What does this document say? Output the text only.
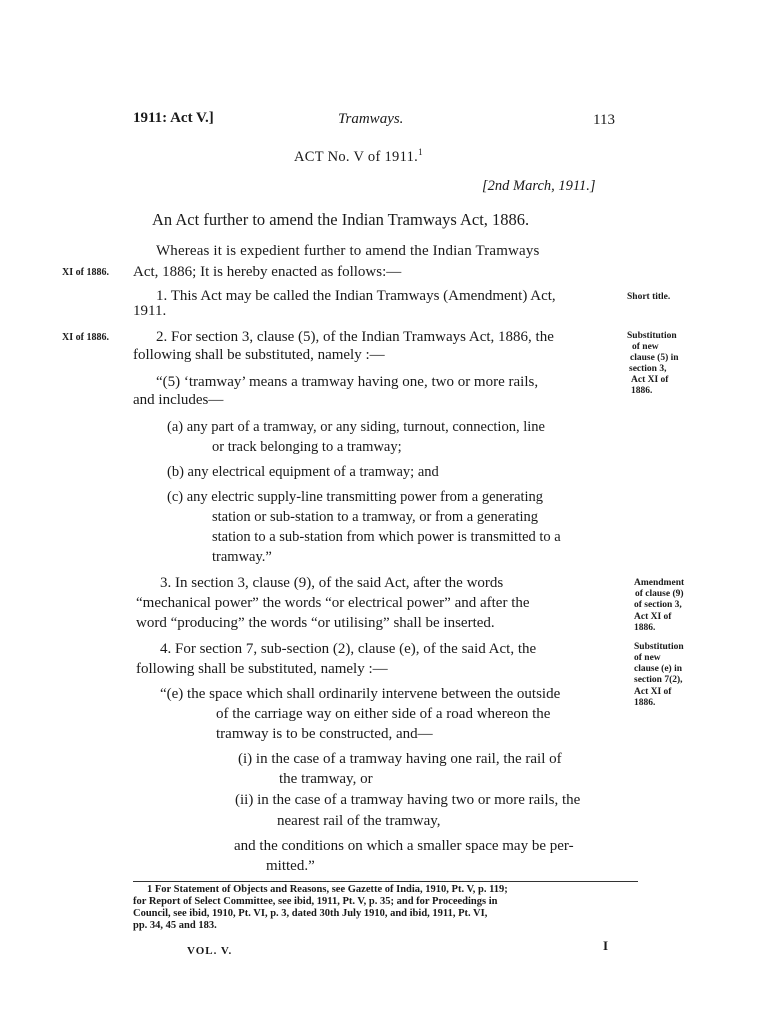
1911: Act V.]	Tramways.	113
ACT No. V of 1911.$^1$
[2nd March, 1911.]
An Act further to amend the Indian Tramways Act, 1886.
Whereas it is expedient further to amend the Indian Tramways
XI of 1886. Act, 1886; It is hereby enacted as follows:—
1. This Act may be called the Indian Tramways (Amendment) Act,
1911.
Short title.
XI of 1886.	2. For section 3, clause (5), of the Indian Tramways Act, 1886, the
following shall be substituted, namely :—
“(5) ‘tramway’ means a tramway having one, two or more rails,
and includes—
Substitution
of new
clause (5) in
section 3,
Act XI of
1886.
(a) any part of a tramway, or any siding, turnout, connection, line
or track belonging to a tramway;
(b) any electrical equipment of a tramway; and
(c) any electric supply-line transmitting power from a generating
station or sub-station to a tramway, or from a generating
station to a sub-station from which power is transmitted to a
tramway.”
3. In section 3, clause (9), of the said Act, after the words
“mechanical power” the words “or electrical power” and after the
word “producing” the words “or utilising” shall be inserted.
Amendment
of clause (9)
of section 3,
Act XI of
1886.
4. For section 7, sub-section (2), clause (e), of the said Act, the
following shall be substituted, namely :—
“(e) the space which shall ordinarily intervene between the outside
of the carriage way on either side of a road whereon the
tramway is to be constructed, and—
(i) in the case of a tramway having one rail, the rail of
the tramway, or
(ii) in the case of a tramway having two or more rails, the
nearest rail of the tramway,
and the conditions on which a smaller space may be per-
mitted.”
Substitution
of new
clause (e) in
section 7(2),
Act XI of
1886.
1 For Statement of Objects and Reasons, see Gazette of India, 1910, Pt. V, p. 119;
for Report of Select Committee, see ibid, 1911, Pt. V, p. 35; and for Proceedings in
Council, see ibid, 1910, Pt. VI, p. 3, dated 30th July 1910, and ibid, 1911, Pt. VI,
pp. 34, 45 and 183.
VOL. V.	I
